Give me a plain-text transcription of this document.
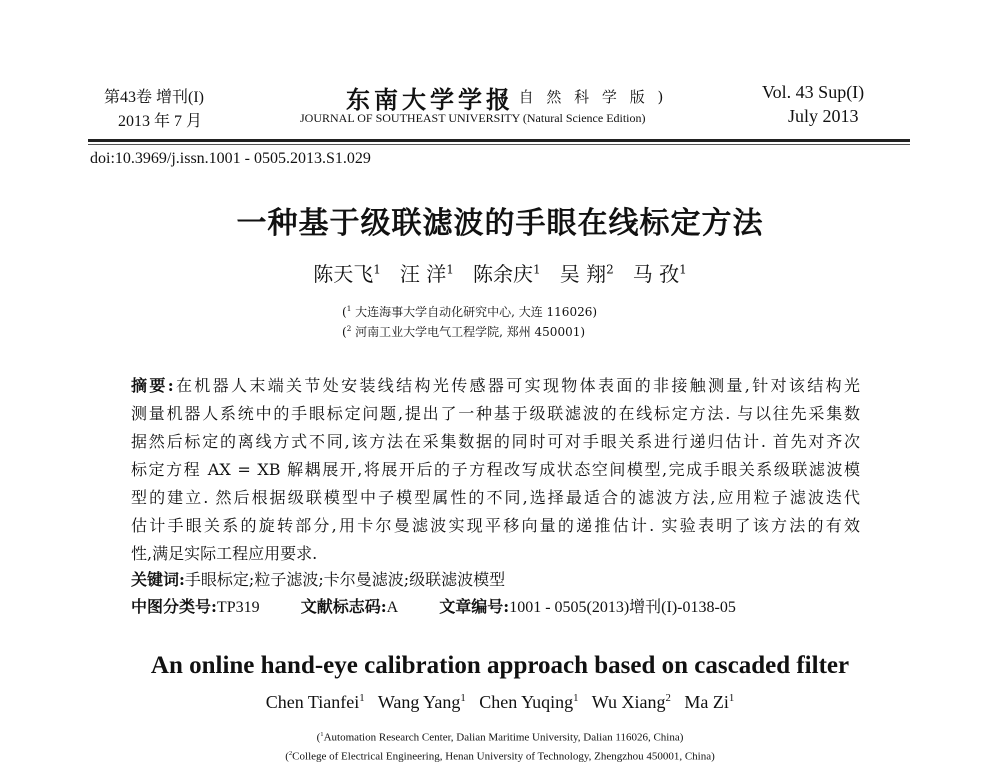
第43卷 增刊(I)
2013 年 7 月
东南大学学报
( 自 然 科 学 版 )
JOURNAL OF SOUTHEAST UNIVERSITY (Natural Science Edition)
Vol. 43 Sup(I)
July 2013
doi:10.3969/j.issn.1001 - 0505.2013.S1.029
一种基于级联滤波的手眼在线标定方法
陈天飞$^1$ 汪 洋$^1$ 陈余庆$^1$ 吴 翔$^2$ 马 孜$^1$
($^1$ 大连海事大学自动化研究中心, 大连 116026)
($^2$ 河南工业大学电气工程学院, 郑州 450001)
摘要:在机器人末端关节处安装线结构光传感器可实现物体表面的非接触测量,针对该结构光
测量机器人系统中的手眼标定问题,提出了一种基于级联滤波的在线标定方法. 与以往先采集数
据然后标定的离线方式不同,该方法在采集数据的同时可对手眼关系进行递归估计. 首先对齐次
标定方程 AX = XB 解耦展开,将展开后的子方程改写成状态空间模型,完成手眼关系级联滤波模
型的建立. 然后根据级联模型中子模型属性的不同,选择最适合的滤波方法,应用粒子滤波迭代
估计手眼关系的旋转部分,用卡尔曼滤波实现平移向量的递推估计. 实验表明了该方法的有效
性,满足实际工程应用要求.
关键词:手眼标定;粒子滤波;卡尔曼滤波;级联滤波模型
中图分类号:TP319	文献标志码:A	文章编号:1001 - 0505(2013)增刊(I)-0138-05
An online hand-eye calibration approach based on cascaded filter
Chen Tianfei$^1$ Wang Yang$^1$ Chen Yuqing$^1$ Wu Xiang$^2$ Ma Zi$^1$
($^1$Automation Research Center, Dalian Maritime University, Dalian 116026, China)
($^2$College of Electrical Engineering, Henan University of Technology, Zhengzhou 450001, China)
